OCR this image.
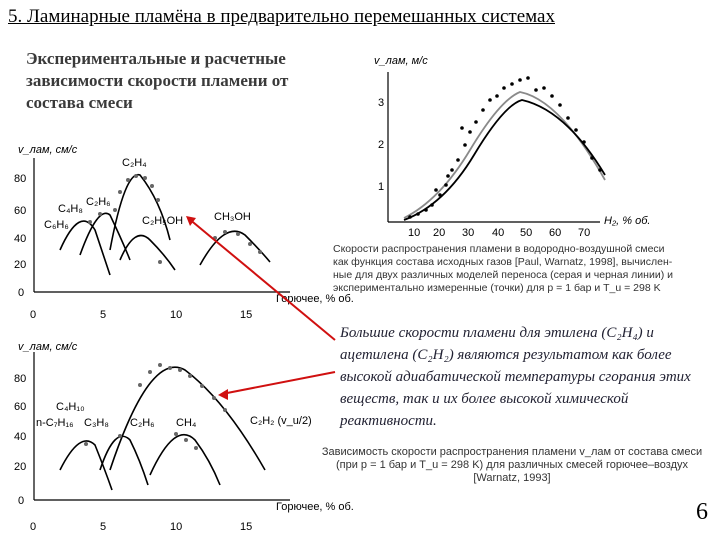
5. Ламинарные пламёна в предварительно перемешанных системах
Экспериментальные и расчетные зависимости скорости пламени от состава смеси
1
2
3
10 20 30 40 50 60 70
v_лам, м/с
H₂, % об.
0
20
40
60
80
0	5	10	15
v_лам, см/с
Горючее, % об.
C₂H₄
C₂H₆
C₄H₈
C₆H₆	C₂H₅OH	CH₃OH
0
20
40
60
80
0	5	10	15
v_лам, см/с
Горючее, % об.
C₄H₁₀
n-C₇H₁₆ C₃H₈ C₂H₆ CH₄	C₂H₂ (v_u/2)
Скорости распространения пламени в водородно-воздушной смеси
как функция состава исходных газов [Paul, Warnatz, 1998], вычислен-
ные для двух различных моделей переноса (серая и черная линии) и
экспериментально измеренные (точки) для p = 1 бар и T_u = 298 K
Большие скорости пламени для этилена (C₂H₄) и ацетилена (C₂H₂) являются результатом как более высокой адиабатической температуры сгорания этих веществ, так и их более высокой химической реактивности.
Зависимость скорости распространения пламени v_лам от состава смеси
(при p = 1 бар и T_u = 298 K) для различных смесей горючее–воздух
[Warnatz, 1993]
6
